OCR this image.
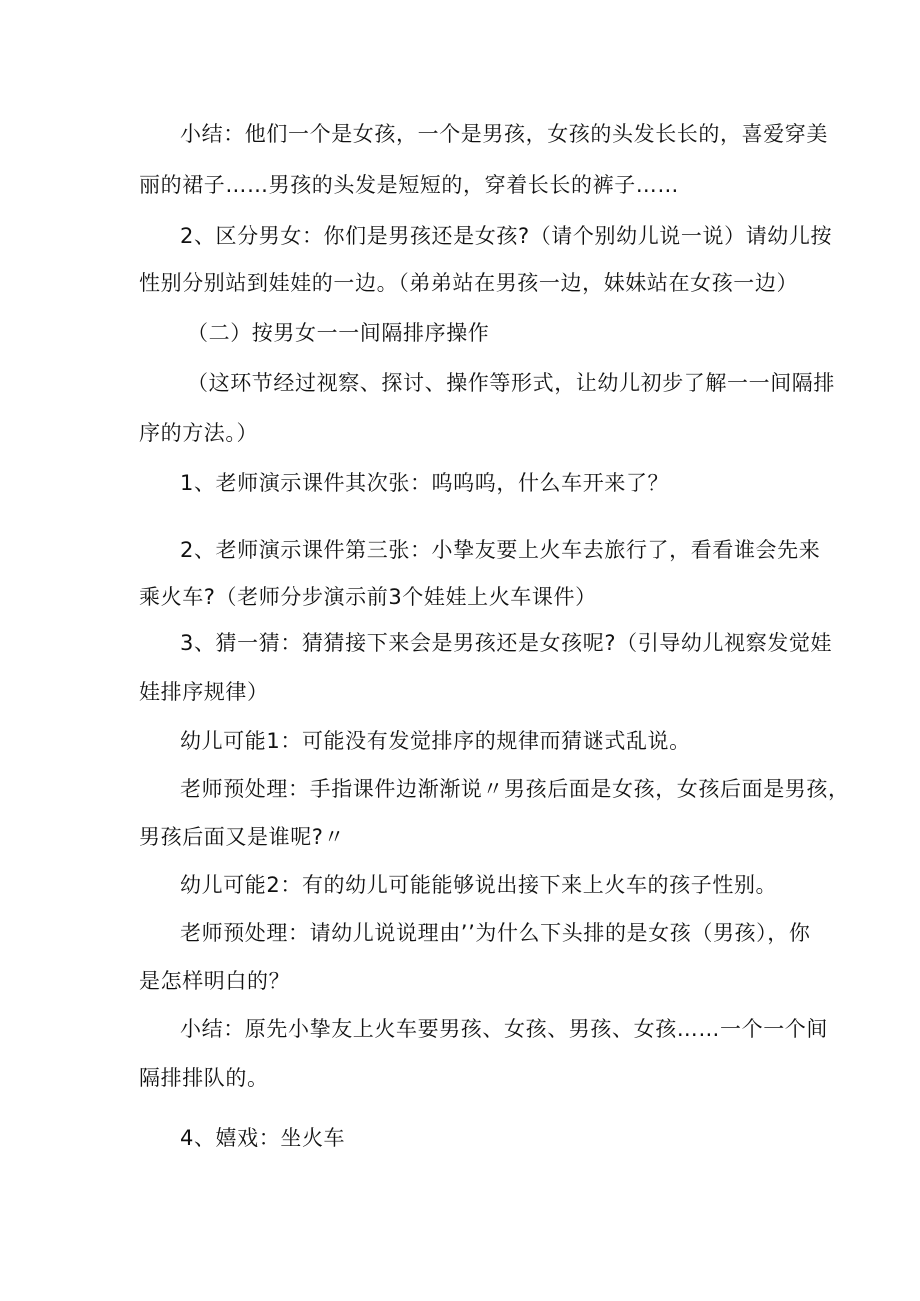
小结：他们一个是女孩，一个是男孩，女孩的头发长长的，喜爱穿美
丽的裙子……男孩的头发是短短的，穿着长长的裤子……
2、区分男女：你们是男孩还是女孩?（请个别幼儿说一说）请幼儿按
性别分别站到娃娃的一边。（弟弟站在男孩一边，妹妹站在女孩一边）
（二）按男女一一间隔排序操作
（这环节经过视察、探讨、操作等形式，让幼儿初步了解一一间隔排
序的方法。）
1、老师演示课件其次张：呜呜呜，什么车开来了？
2、老师演示课件第三张：小挚友要上火车去旅行了，看看谁会先来
乘火车?（老师分步演示前3个娃娃上火车课件）
3、猜一猜：猜猜接下来会是男孩还是女孩呢?（引导幼儿视察发觉娃
娃排序规律）
幼儿可能1：可能没有发觉排序的规律而猜谜式乱说。
老师预处理：手指课件边渐渐说〃男孩后面是女孩，女孩后面是男孩，
男孩后面又是谁呢?〃
幼儿可能2：有的幼儿可能能够说出接下来上火车的孩子性别。
老师预处理：请幼儿说说理由’’为什么下头排的是女孩（男孩），你
是怎样明白的？
小结：原先小挚友上火车要男孩、女孩、男孩、女孩……一个一个间
隔排排队的。
4、嬉戏：坐火车
